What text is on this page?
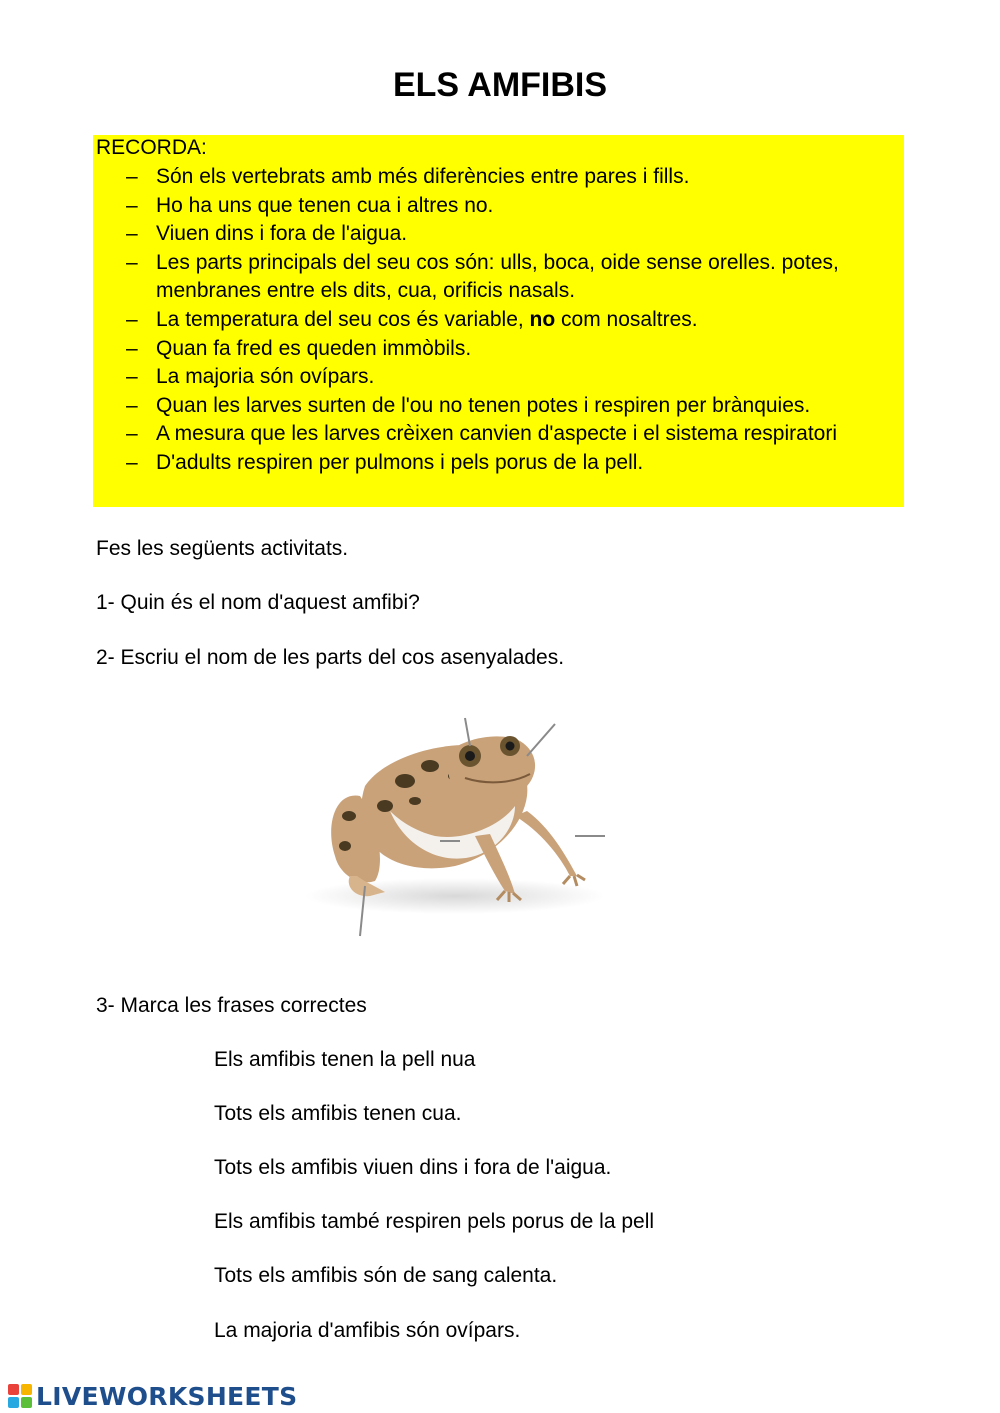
ELS AMFIBIS

RECORDA:

– Són els vertebrats amb més diferències entre pares i fills.
– Ho ha uns que tenen cua i altres no.
– Viuen dins i fora de l'aigua.
– Les parts principals del seu cos són: ulls, boca, oide sense orelles. potes, menbranes entre els dits, cua, orificis nasals.
– La temperatura del seu cos és variable, no com nosaltres.
– Quan fa fred es queden immòbils.
– La majoria són ovípars.
– Quan les larves surten de l'ou no tenen potes i respiren per brànquies.
– A mesura que les larves crèixen canvien d'aspecte i el sistema respiratori
– D'adults respiren per pulmons i pels porus de la pell.

Fes les següents activitats.

1- Quin és el nom d'aquest amfibi?

2- Escriu el nom de les parts del cos asenyalades.

3- Marca les frases correctes

Els amfibis tenen la pell nua

Tots els amfibis tenen cua.

Tots els amfibis viuen dins i fora de l'aigua.

Els amfibis també respiren pels porus de la pell

Tots els amfibis són de sang calenta.

La majoria d'amfibis són ovípars.

LIVEWORKSHEETS
